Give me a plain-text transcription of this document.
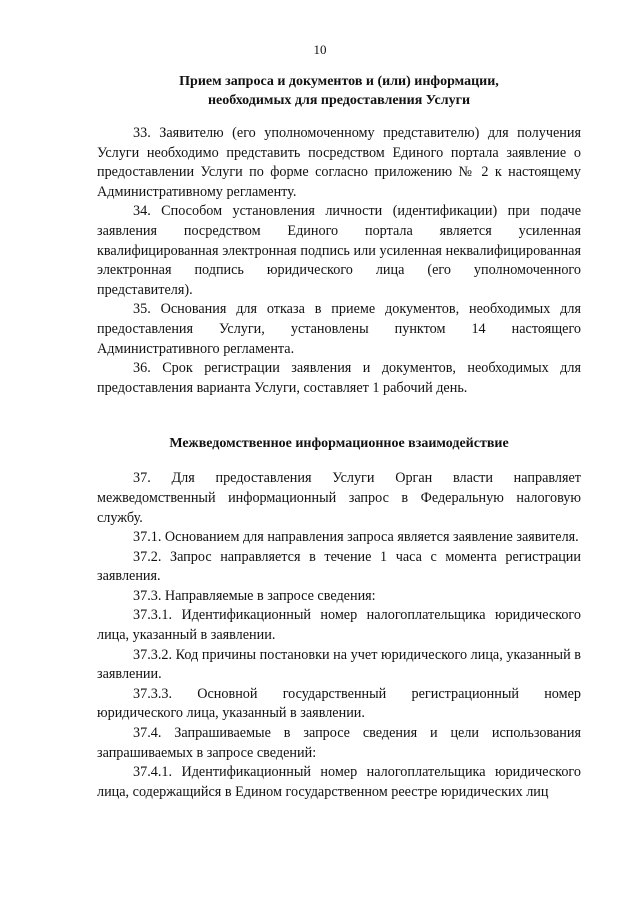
10
Прием запроса и документов и (или) информации,
необходимых для предоставления Услуги

33. Заявителю (его уполномоченному представителю) для получения Услуги необходимо представить посредством Единого портала заявление о предоставлении Услуги по форме согласно приложению № 2 к настоящему Административному регламенту.

34. Способом установления личности (идентификации) при подаче заявления посредством Единого портала является усиленная квалифицированная электронная подпись или усиленная неквалифицированная электронная подпись юридического лица (его уполномоченного представителя).

35. Основания для отказа в приеме документов, необходимых для предоставления Услуги, установлены пунктом 14 настоящего Административного регламента.

36. Срок регистрации заявления и документов, необходимых для предоставления варианта Услуги, составляет 1 рабочий день.

Межведомственное информационное взаимодействие

37. Для предоставления Услуги Орган власти направляет межведомственный информационный запрос в Федеральную налоговую службу.

37.1. Основанием для направления запроса является заявление заявителя.

37.2. Запрос направляется в течение 1 часа с момента регистрации заявления.

37.3. Направляемые в запросе сведения:

37.3.1. Идентификационный номер налогоплательщика юридического лица, указанный в заявлении.

37.3.2. Код причины постановки на учет юридического лица, указанный в заявлении.

37.3.3. Основной государственный регистрационный номер юридического лица, указанный в заявлении.

37.4. Запрашиваемые в запросе сведения и цели использования запрашиваемых в запросе сведений:

37.4.1. Идентификационный номер налогоплательщика юридического лица, содержащийся в Едином государственном реестре юридических лиц
